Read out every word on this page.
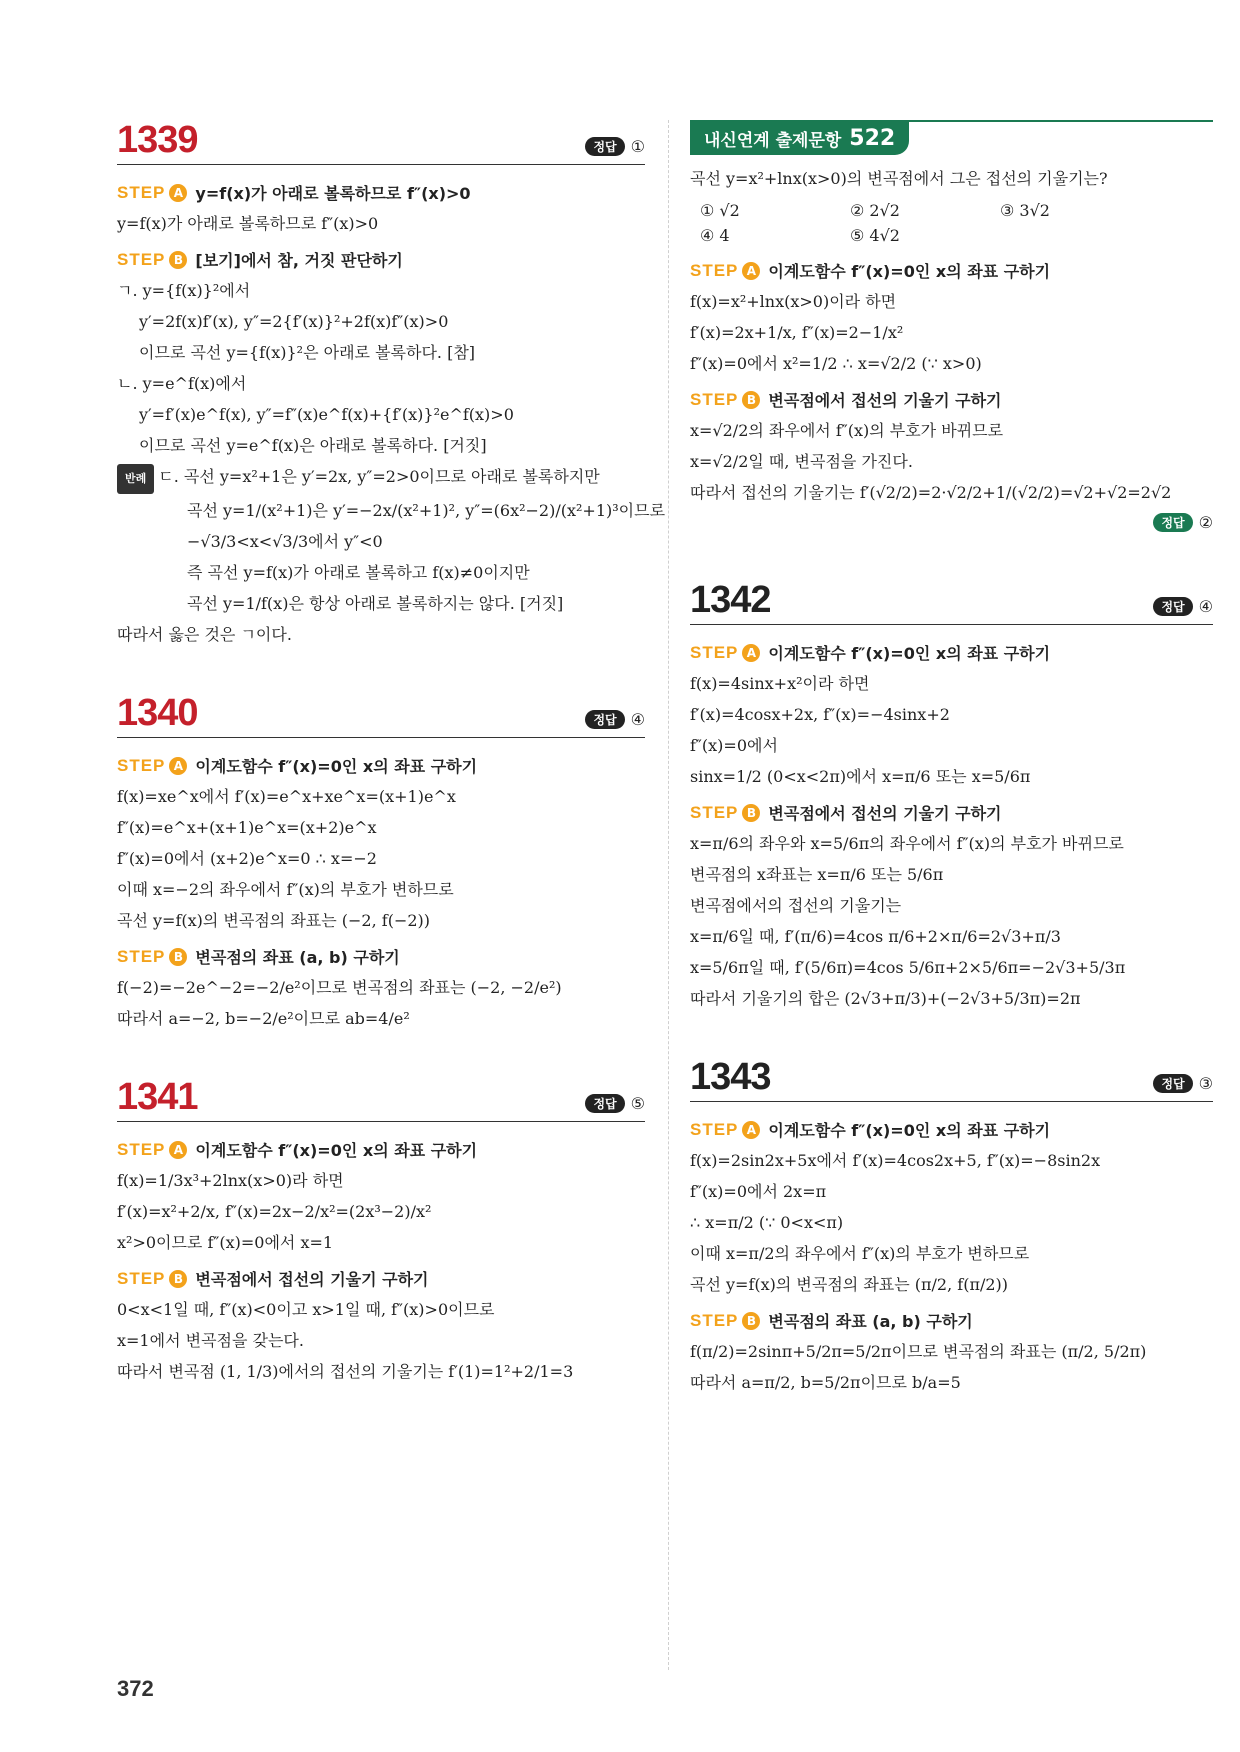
1339	정답 ①
STEP A y=f(x)가 아래로 볼록하므로 f″(x)>0
y=f(x)가 아래로 볼록하므로 f″(x)>0
STEP B [보기]에서 참, 거짓 판단하기
ㄱ. y={f(x)}²에서
y′=2f(x)f′(x), y″=2{f′(x)}²+2f(x)f″(x)>0
이므로 곡선 y={f(x)}²은 아래로 볼록하다. [참]
ㄴ. y=e^f(x)에서
y′=f′(x)e^f(x), y″=f″(x)e^f(x)+{f′(x)}²e^f(x)>0
이므로 곡선 y=e^f(x)은 아래로 볼록하다. [거짓]
반례 ㄷ. 곡선 y=x²+1은 y′=2x, y″=2>0이므로 아래로 볼록하지만
곡선 y=1/(x²+1)은 y′=−2x/(x²+1)², y″=(6x²−2)/(x²+1)³이므로
−√3/3<x<√3/3에서 y″<0
즉 곡선 y=f(x)가 아래로 볼록하고 f(x)≠0이지만
곡선 y=1/f(x)은 항상 아래로 볼록하지는 않다. [거짓]
따라서 옳은 것은 ㄱ이다.
1340	정답 ④
STEP A 이계도함수 f″(x)=0인 x의 좌표 구하기
f(x)=xe^x에서 f′(x)=e^x+xe^x=(x+1)e^x
f″(x)=e^x+(x+1)e^x=(x+2)e^x
f″(x)=0에서 (x+2)e^x=0 ∴ x=−2
이때 x=−2의 좌우에서 f″(x)의 부호가 변하므로
곡선 y=f(x)의 변곡점의 좌표는 (−2, f(−2))
STEP B 변곡점의 좌표 (a, b) 구하기
f(−2)=−2e^−2=−2/e²이므로 변곡점의 좌표는 (−2, −2/e²)
따라서 a=−2, b=−2/e²이므로 ab=4/e²
1341	정답 ⑤
STEP A 이계도함수 f″(x)=0인 x의 좌표 구하기
f(x)=1/3x³+2lnx(x>0)라 하면
f′(x)=x²+2/x, f″(x)=2x−2/x²=(2x³−2)/x²
x²>0이므로 f″(x)=0에서 x=1
STEP B 변곡점에서 접선의 기울기 구하기
0<x<1일 때, f″(x)<0이고 x>1일 때, f″(x)>0이므로
x=1에서 변곡점을 갖는다.
따라서 변곡점 (1, 1/3)에서의 접선의 기울기는 f′(1)=1²+2/1=3
내신연계 출제문항 522
곡선 y=x²+lnx(x>0)의 변곡점에서 그은 접선의 기울기는?
① √2	② 2√2	③ 3√2
④ 4	⑤ 4√2
STEP A 이계도함수 f″(x)=0인 x의 좌표 구하기
f(x)=x²+lnx(x>0)이라 하면
f′(x)=2x+1/x, f″(x)=2−1/x²
f″(x)=0에서 x²=1/2 ∴ x=√2/2 (∵ x>0)
STEP B 변곡점에서 접선의 기울기 구하기
x=√2/2의 좌우에서 f″(x)의 부호가 바뀌므로
x=√2/2일 때, 변곡점을 가진다.
따라서 접선의 기울기는 f′(√2/2)=2·√2/2+1/(√2/2)=√2+√2=2√2
정답 ②
1342	정답 ④
STEP A 이계도함수 f″(x)=0인 x의 좌표 구하기
f(x)=4sinx+x²이라 하면
f′(x)=4cosx+2x, f″(x)=−4sinx+2
f″(x)=0에서
sinx=1/2 (0<x<2π)에서 x=π/6 또는 x=5/6π
STEP B 변곡점에서 접선의 기울기 구하기
x=π/6의 좌우와 x=5/6π의 좌우에서 f″(x)의 부호가 바뀌므로
변곡점의 x좌표는 x=π/6 또는 5/6π
변곡점에서의 접선의 기울기는
x=π/6일 때, f′(π/6)=4cos π/6+2×π/6=2√3+π/3
x=5/6π일 때, f′(5/6π)=4cos 5/6π+2×5/6π=−2√3+5/3π
따라서 기울기의 합은 (2√3+π/3)+(−2√3+5/3π)=2π
1343	정답 ③
STEP A 이계도함수 f″(x)=0인 x의 좌표 구하기
f(x)=2sin2x+5x에서 f′(x)=4cos2x+5, f″(x)=−8sin2x
f″(x)=0에서 2x=π
∴ x=π/2 (∵ 0<x<π)
이때 x=π/2의 좌우에서 f″(x)의 부호가 변하므로
곡선 y=f(x)의 변곡점의 좌표는 (π/2, f(π/2))
STEP B 변곡점의 좌표 (a, b) 구하기
f(π/2)=2sinπ+5/2π=5/2π이므로 변곡점의 좌표는 (π/2, 5/2π)
따라서 a=π/2, b=5/2π이므로 b/a=5
372
